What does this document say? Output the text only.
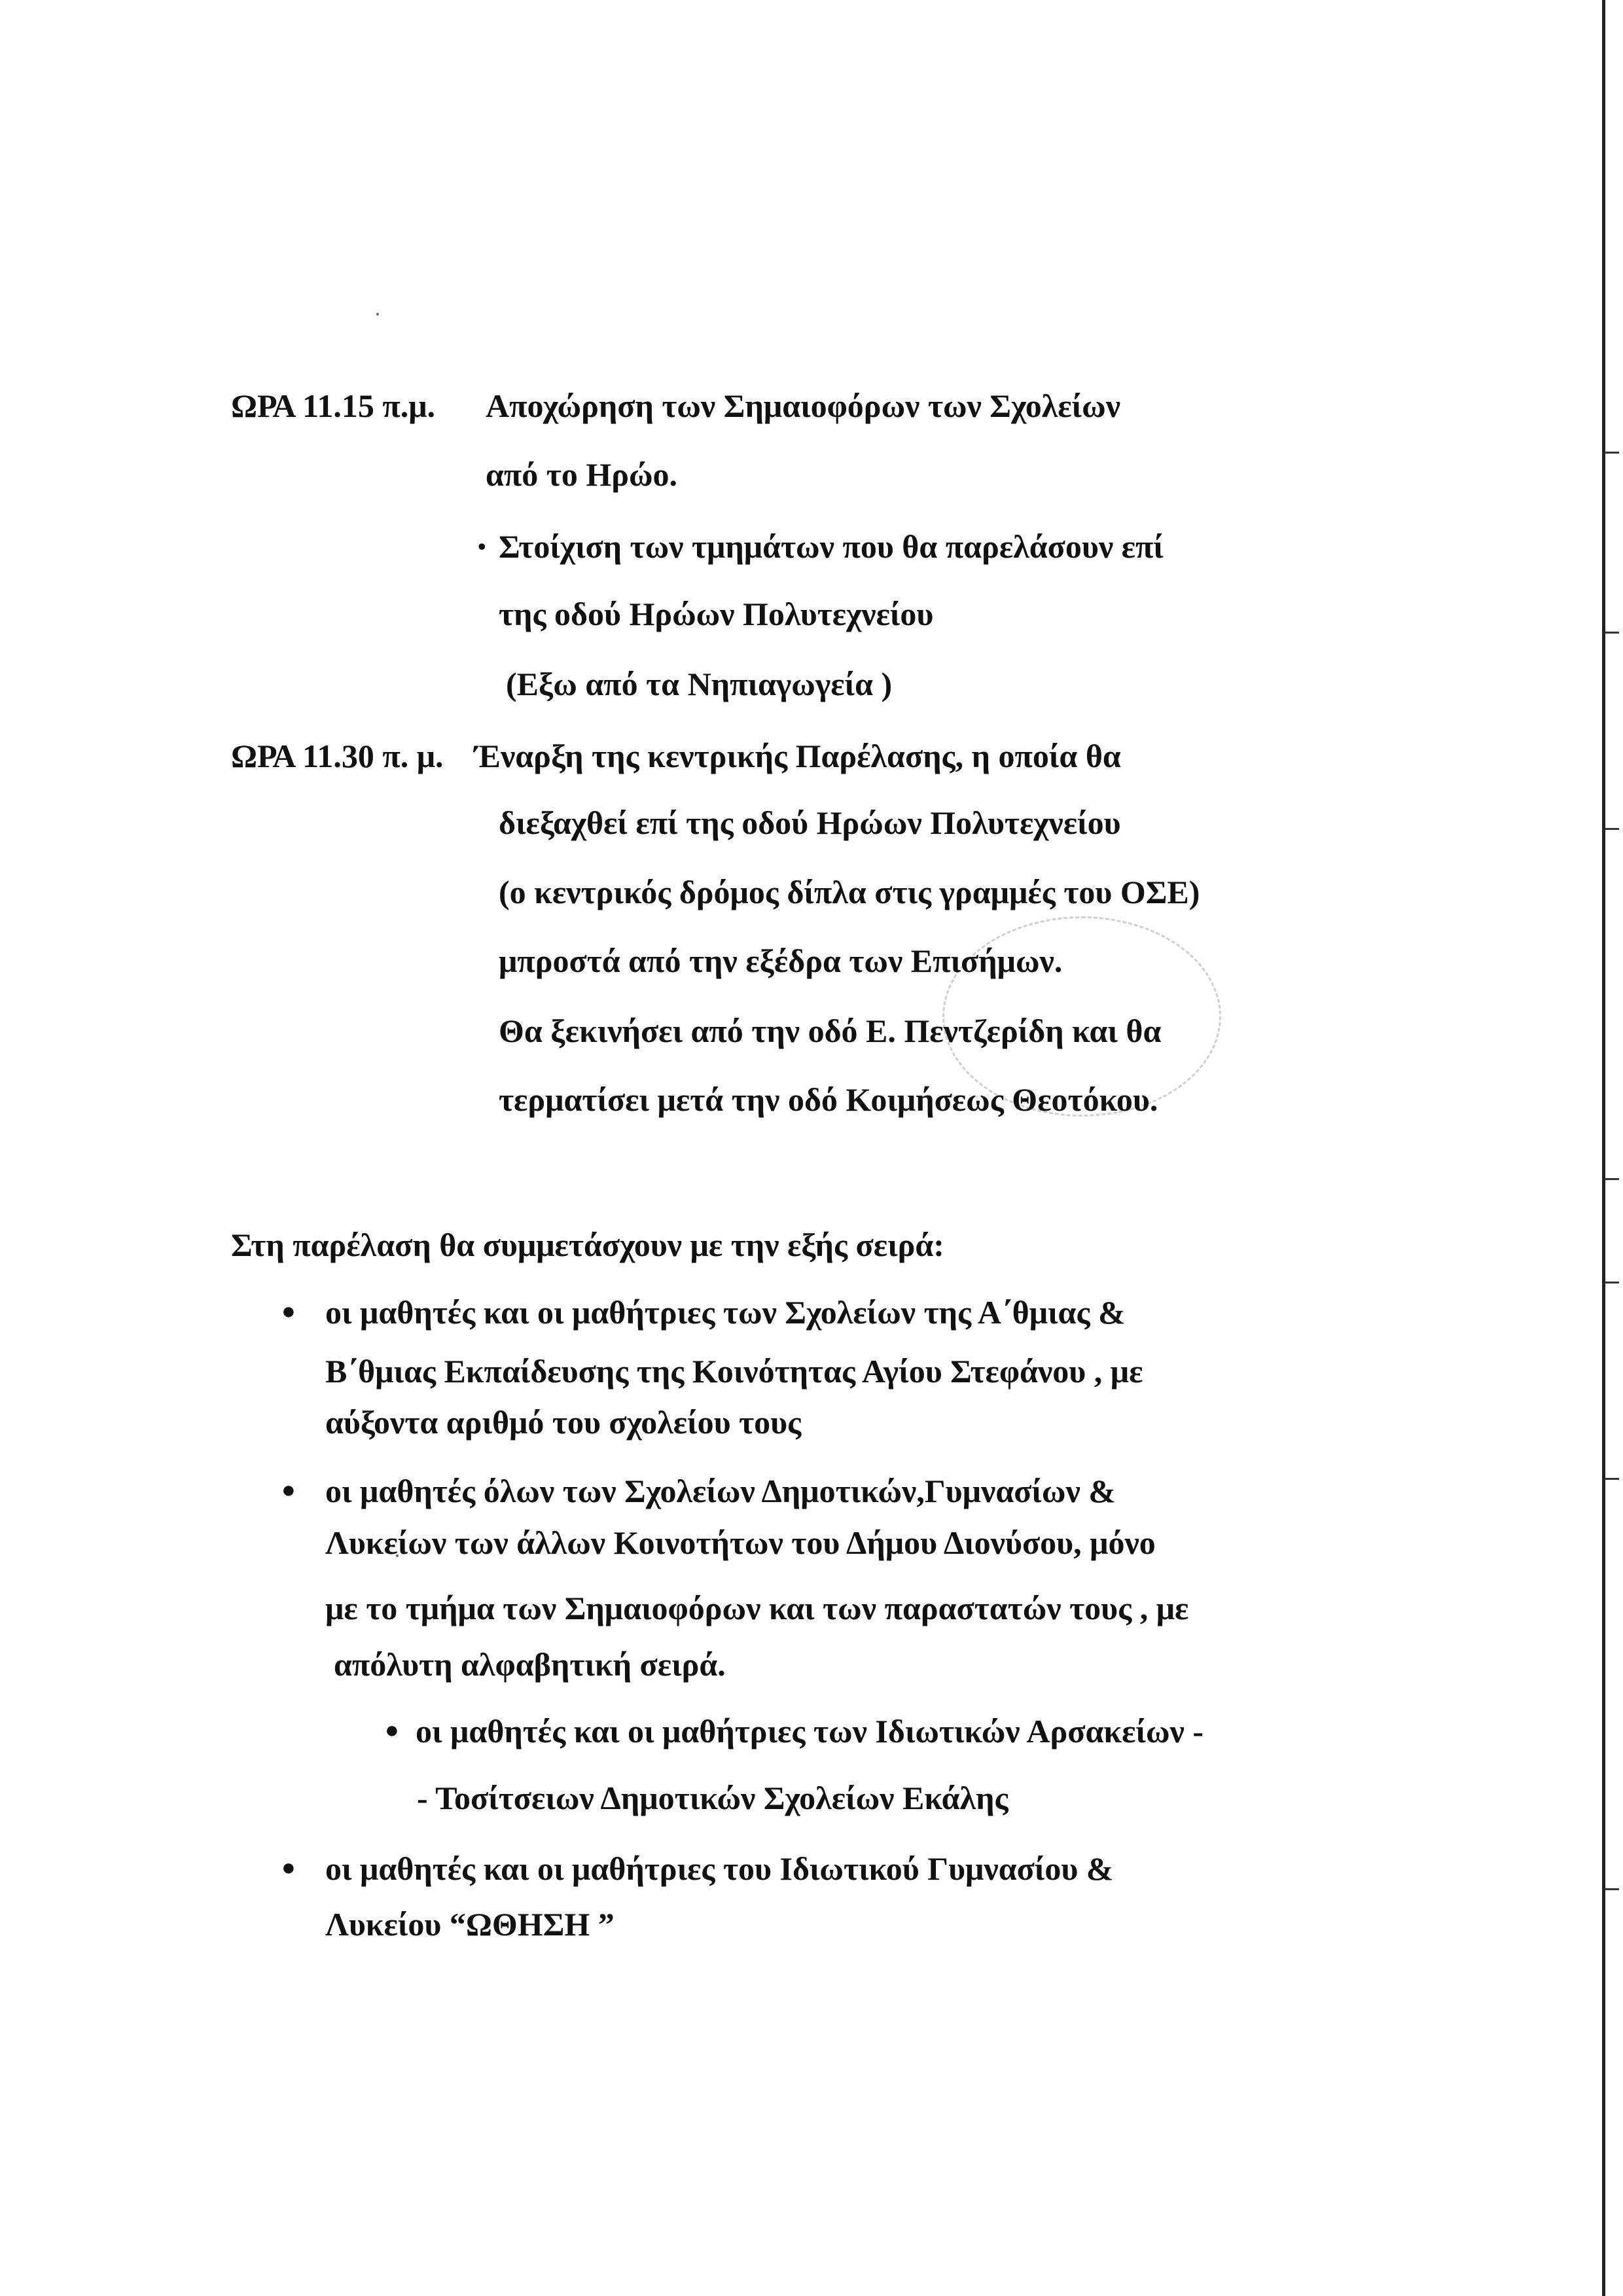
ΩΡΑ 11.15 π.μ. Αποχώρηση των Σημαιοφόρων των Σχολείων
από το Ηρώο.
• Στοίχιση των τμημάτων που θα παρελάσουν επί
της οδού Ηρώων Πολυτεχνείου
(Εξω από τα Νηπιαγωγεία )
ΩΡΑ 11.30 π. μ. Έναρξη της κεντρικής Παρέλασης, η οποία θα
διεξαχθεί επί της οδού Ηρώων Πολυτεχνείου
(ο κεντρικός δρόμος δίπλα στις γραμμές του ΟΣΕ)
μπροστά από την εξέδρα των Επισήμων.
Θα ξεκινήσει από την οδό Ε. Πεντζερίδη και θα
τερματίσει μετά την οδό Κοιμήσεως Θεοτόκου.
Στη παρέλαση θα συμμετάσχουν με την εξής σειρά:
● οι μαθητές και οι μαθήτριες των Σχολείων της Α΄θμιας &
Β΄θμιας Εκπαίδευσης της Κοινότητας Αγίου Στεφάνου , με
αύξοντα αριθμό του σχολείου τους
● οι μαθητές όλων των Σχολείων Δημοτικών,Γυμνασίων &
Λυκείων των άλλων Κοινοτήτων του Δήμου Διονύσου, μόνο
με το τμήμα των Σημαιοφόρων και των παραστατών τους , με
απόλυτη αλφαβητική σειρά.
● οι μαθητές και οι μαθήτριες των Ιδιωτικών Αρσακείων -
- Τοσίτσειων Δημοτικών Σχολείων Εκάλης
● οι μαθητές και οι μαθήτριες του Ιδιωτικού Γυμνασίου &
Λυκείου “ΩΘΗΣΗ ”
